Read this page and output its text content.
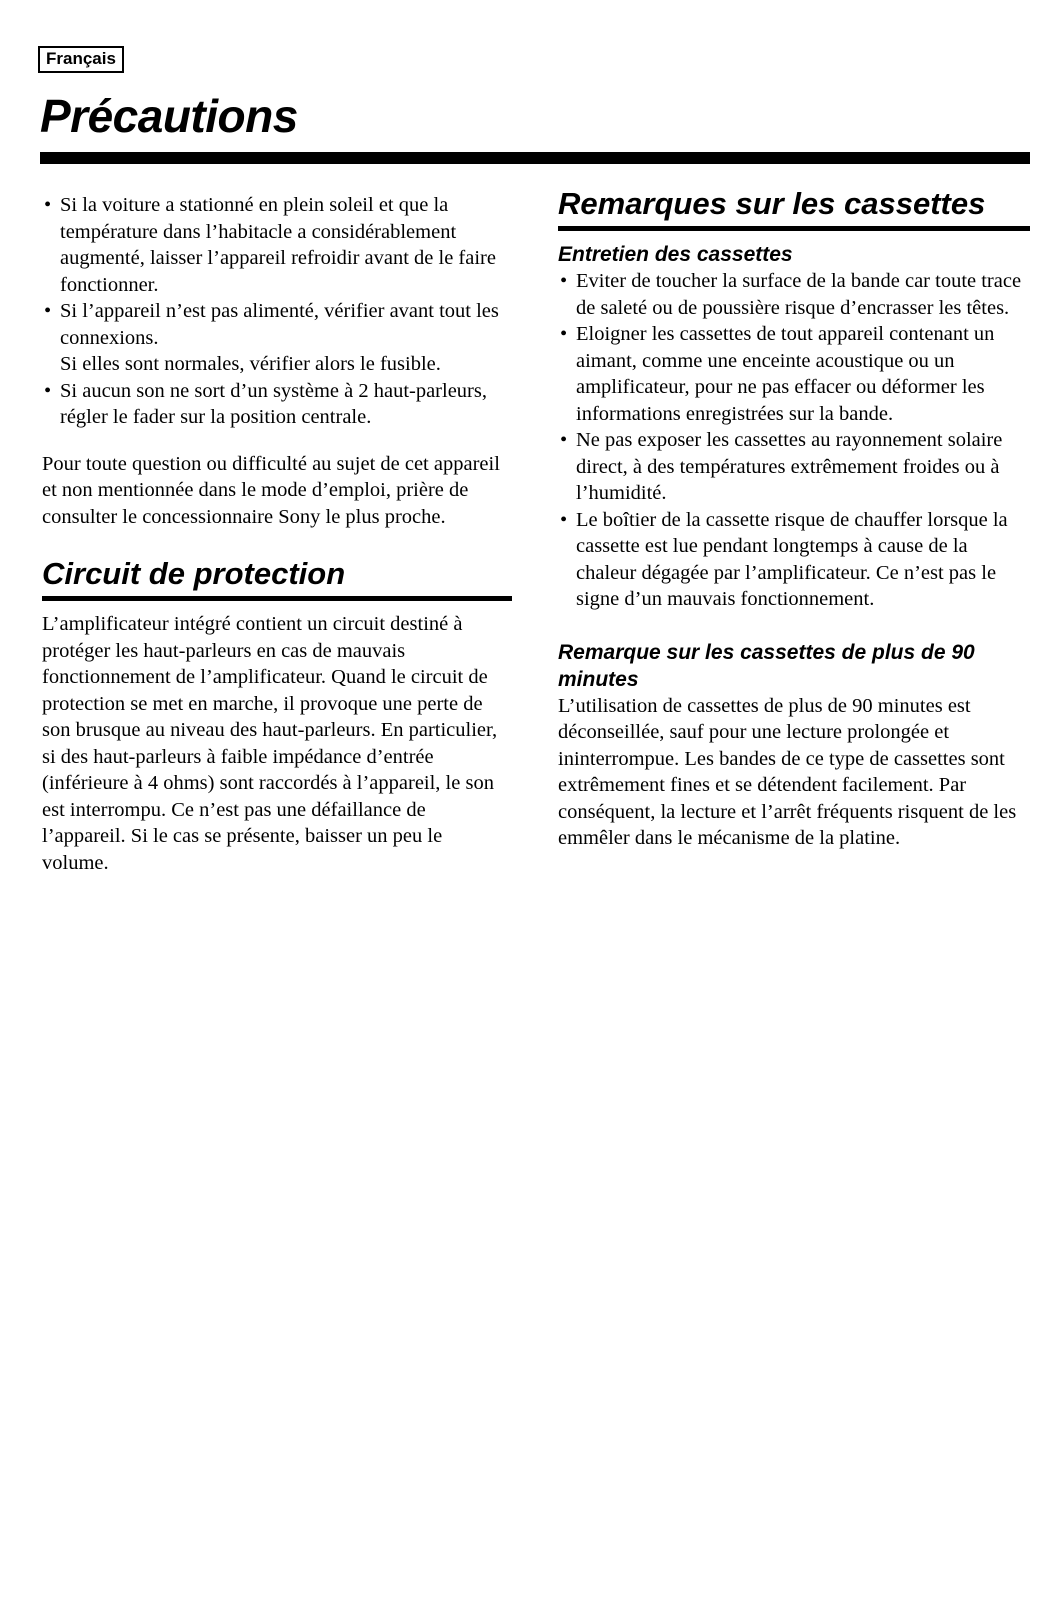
Français
Précautions
• Si la voiture a stationné en plein soleil et que la température dans l’habitacle a considérablement augmenté, laisser l’appareil refroidir avant de le faire fonctionner.
• Si l’appareil n’est pas alimenté, vérifier avant tout les connexions.

Si elles sont normales, vérifier alors le fusible.

• Si aucun son ne sort d’un système à 2 haut-parleurs, régler le fader sur la position centrale.

Pour toute question ou difficulté au sujet de cet appareil et non mentionnée dans le mode d’emploi, prière de consulter le concessionnaire Sony le plus proche.

Circuit de protection

L’amplificateur intégré contient un circuit destiné à protéger les haut-parleurs en cas de mauvais fonctionnement de l’amplificateur. Quand le circuit de protection se met en marche, il provoque une perte de son brusque au niveau des haut-parleurs. En particulier, si des haut-parleurs à faible impédance d’entrée (inférieure à 4 ohms) sont raccordés à l’appareil, le son est interrompu. Ce n’est pas une défaillance de l’appareil. Si le cas se présente, baisser un peu le volume.

Remarques sur les cassettes
Entretien des cassettes
• Eviter de toucher la surface de la bande car toute trace de saleté ou de poussière risque d’encrasser les têtes.
• Eloigner les cassettes de tout appareil contenant un aimant, comme une enceinte acoustique ou un amplificateur, pour ne pas effacer ou déformer les informations enregistrées sur la bande.
• Ne pas exposer les cassettes au rayonnement solaire direct, à des températures extrêmement froides ou à l’humidité.
• Le boîtier de la cassette risque de chauffer lorsque la cassette est lue pendant longtemps à cause de la chaleur dégagée par l’amplificateur. Ce n’est pas le signe d’un mauvais fonctionnement.
Remarque sur les cassettes de plus de 90 minutes

L’utilisation de cassettes de plus de 90 minutes est déconseillée, sauf pour une lecture prolongée et ininterrompue. Les bandes de ce type de cassettes sont extrêmement fines et se détendent facilement. Par conséquent, la lecture et l’arrêt fréquents risquent de les emmêler dans le mécanisme de la platine.
